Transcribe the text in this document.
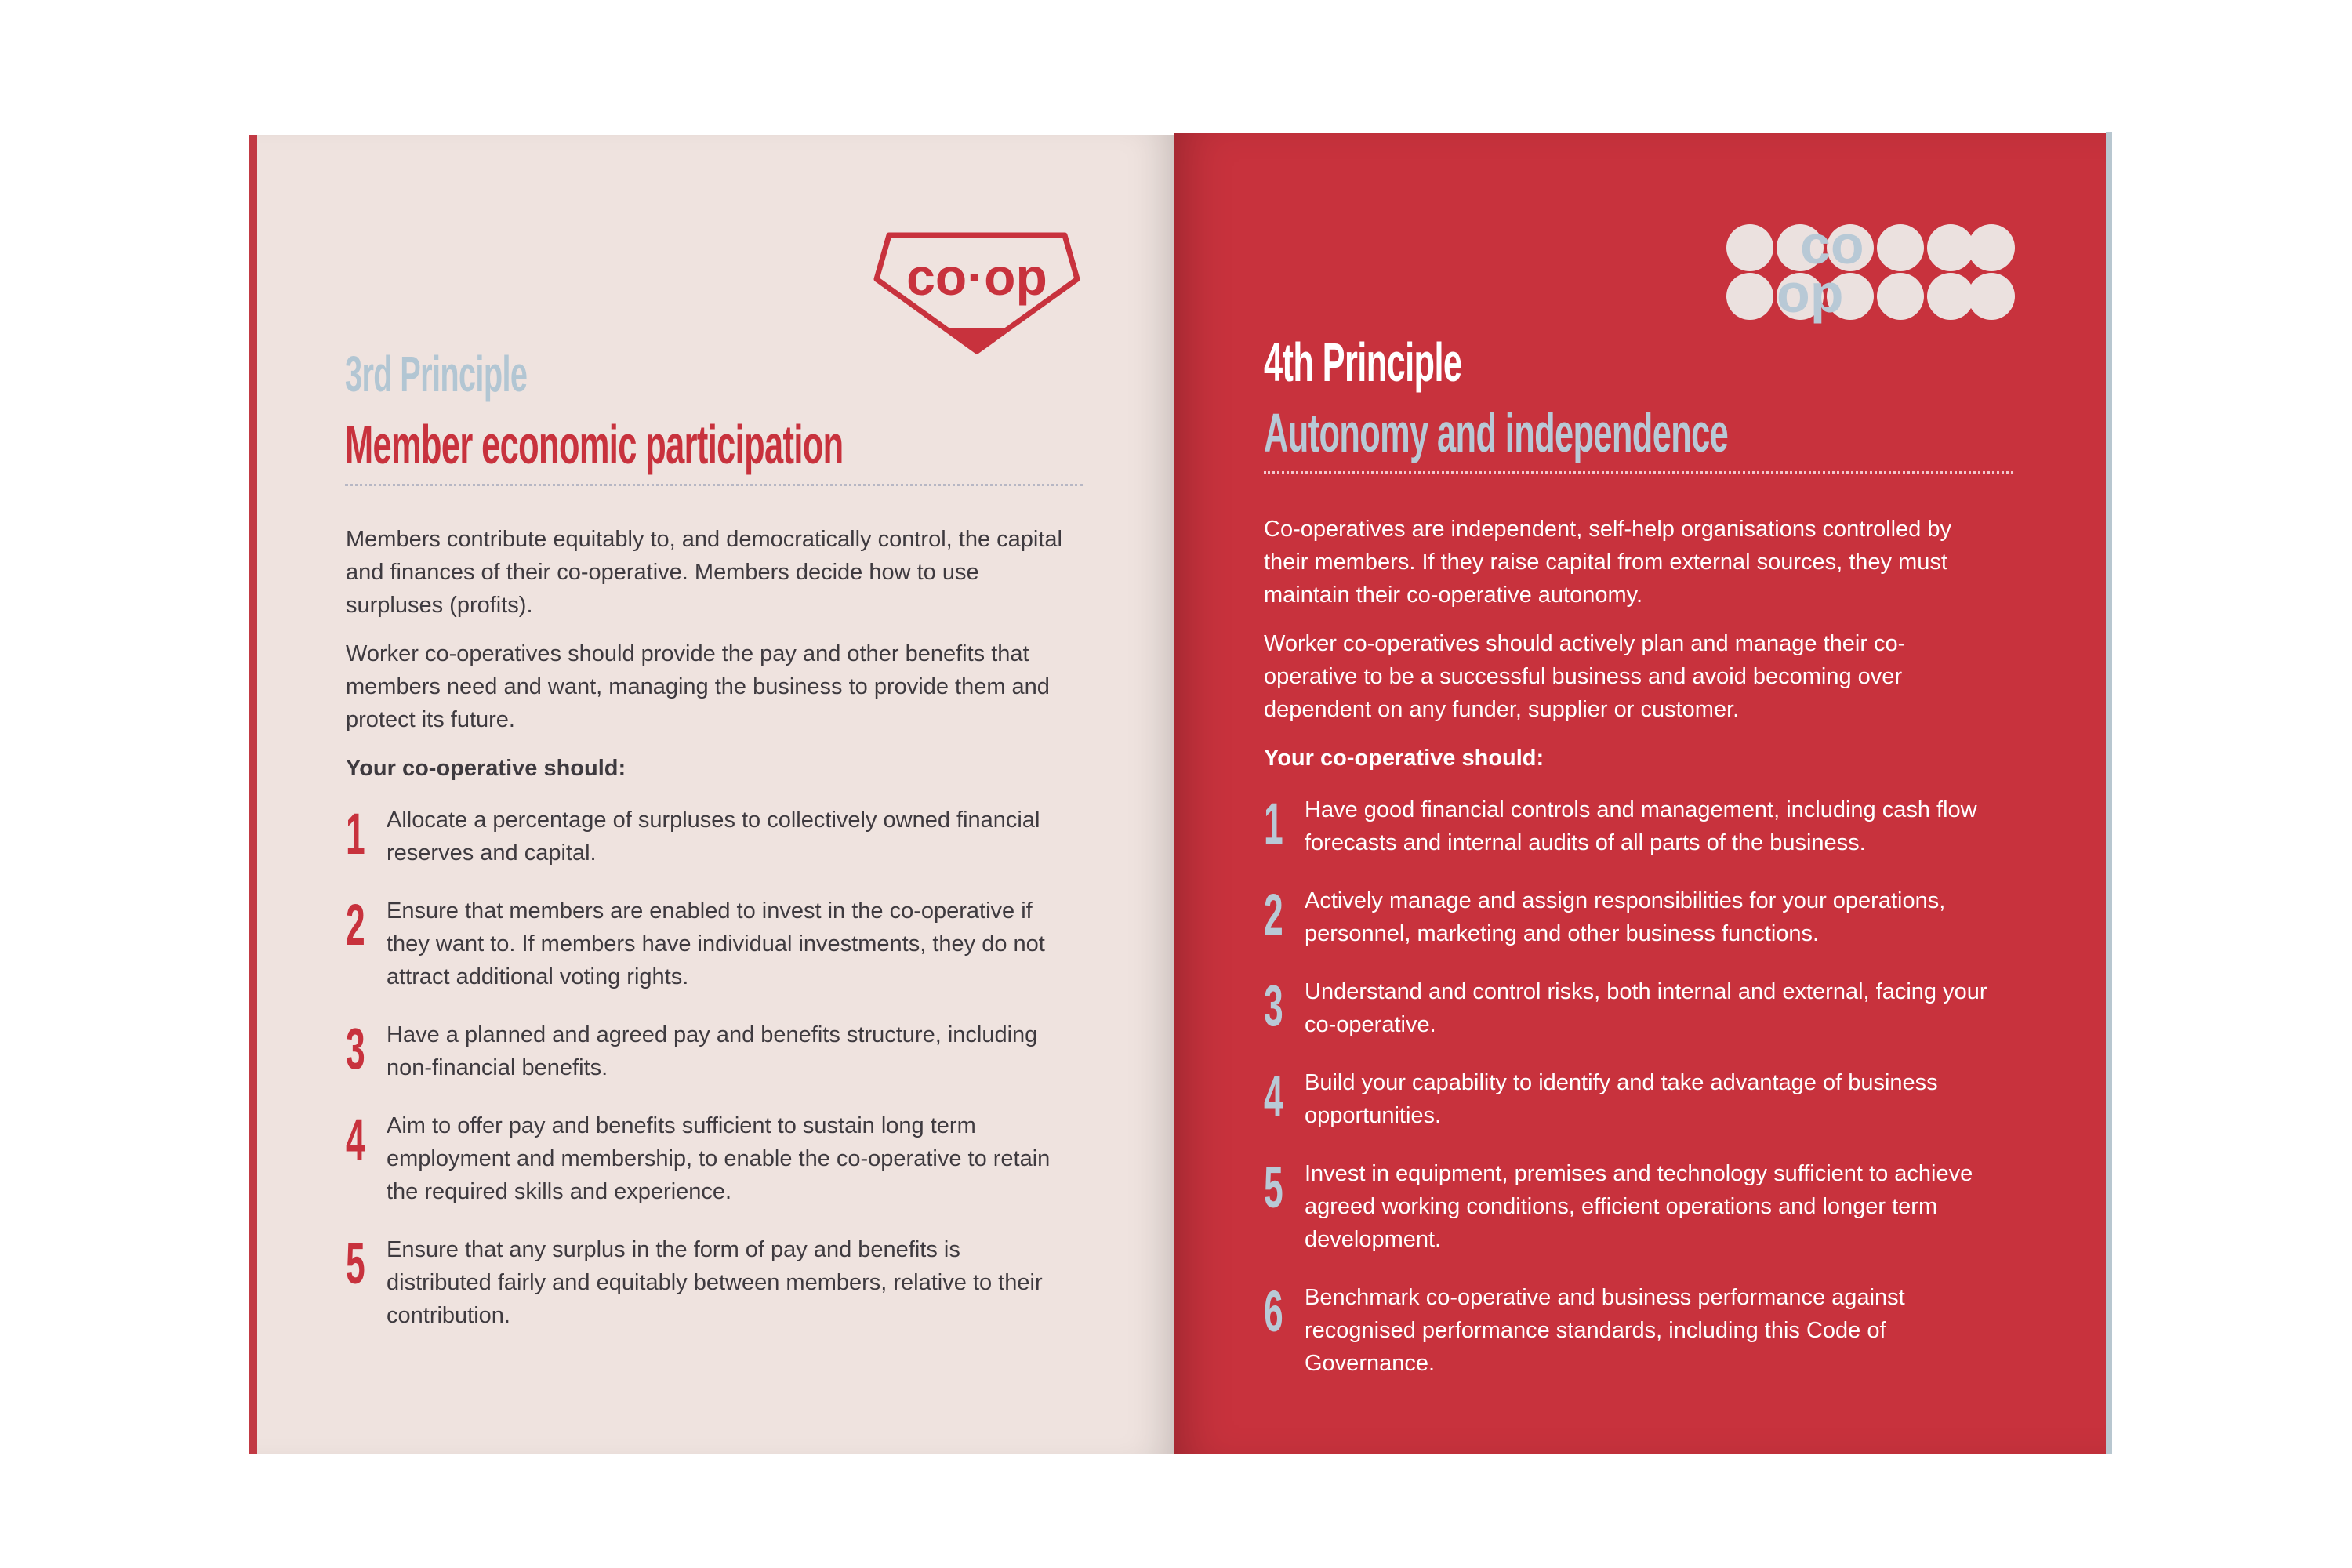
co·op
co
op
3rd Principle
Member economic participation
4th Principle
Autonomy and independence

Members contribute equitably to, and democratically control, the capital and finances of their co-operative. Members decide how to use surpluses (profits).

Worker co-operatives should provide the pay and other benefits that members need and want, managing the business to provide them and protect its future.

Your co-operative should:

1 Allocate a percentage of surpluses to collectively owned financial reserves and capital.
2 Ensure that members are enabled to invest in the co-operative if they want to. If members have individual investments, they do not attract additional voting rights.
3 Have a planned and agreed pay and benefits structure, including non-financial benefits.
4 Aim to offer pay and benefits sufficient to sustain long term employment and membership, to enable the co-operative to retain the required skills and experience.
5 Ensure that any surplus in the form of pay and benefits is distributed fairly and equitably between members, relative to their contribution.

Co-operatives are independent, self-help organisations controlled by their members. If they raise capital from external sources, they must maintain their co-operative autonomy.

Worker co-operatives should actively plan and manage their co-operative to be a successful business and avoid becoming over dependent on any funder, supplier or customer.

Your co-operative should:

1 Have good financial controls and management, including cash flow forecasts and internal audits of all parts of the business.
2 Actively manage and assign responsibilities for your operations, personnel, marketing and other business functions.
3 Understand and control risks, both internal and external, facing your co-operative.
4 Build your capability to identify and take advantage of business opportunities.
5 Invest in equipment, premises and technology sufficient to achieve agreed working conditions, efficient operations and longer term development.
6 Benchmark co-operative and business performance against recognised performance standards, including this Code of Governance.
